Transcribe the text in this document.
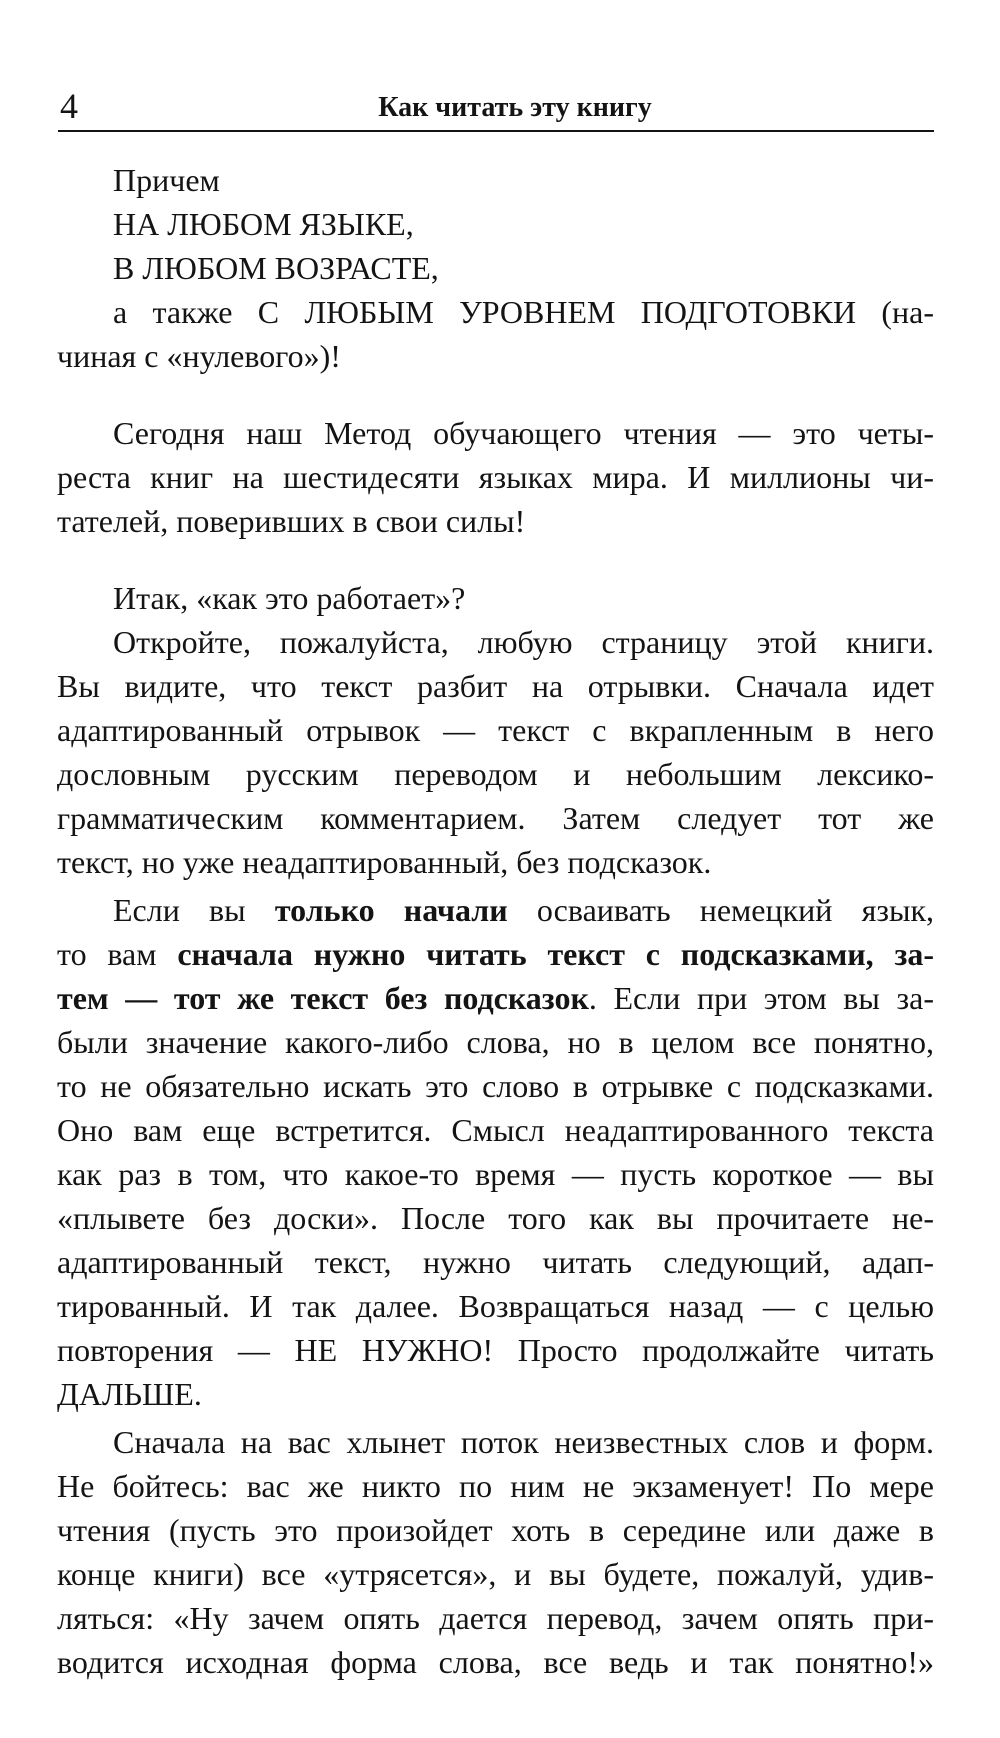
4	Как читать эту книгу
Причем
НА ЛЮБОМ ЯЗЫКЕ,
В ЛЮБОМ ВОЗРАСТЕ,
а также С ЛЮБЫМ УРОВНЕМ ПОДГОТОВКИ (на-
чиная с «нулевого»)!
Сегодня наш Метод обучающего чтения — это четы-
реста книг на шестидесяти языках мира. И миллионы чи-
тателей, поверивших в свои силы!
Итак, «как это работает»?
Откройте, пожалуйста, любую страницу этой книги.
Вы видите, что текст разбит на отрывки. Сначала идет
адаптированный отрывок — текст с вкрапленным в него
дословным русским переводом и небольшим лексико-
грамматическим комментарием. Затем следует тот же
текст, но уже неадаптированный, без подсказок.
Если вы только начали осваивать немецкий язык,
то вам сначала нужно читать текст с подсказками, за-
тем — тот же текст без подсказок. Если при этом вы за-
были значение какого-либо слова, но в целом все понятно,
то не обязательно искать это слово в отрывке с подсказками.
Оно вам еще встретится. Смысл неадаптированного текста
как раз в том, что какое-то время — пусть короткое — вы
«плывете без доски». После того как вы прочитаете не-
адаптированный текст, нужно читать следующий, адап-
тированный. И так далее. Возвращаться назад — с целью
повторения — НЕ НУЖНО! Просто продолжайте читать
ДАЛЬШЕ.
Сначала на вас хлынет поток неизвестных слов и форм.
Не бойтесь: вас же никто по ним не экзаменует! По мере
чтения (пусть это произойдет хоть в середине или даже в
конце книги) все «утрясется», и вы будете, пожалуй, удив-
ляться: «Ну зачем опять дается перевод, зачем опять при-
водится исходная форма слова, все ведь и так понятно!»
